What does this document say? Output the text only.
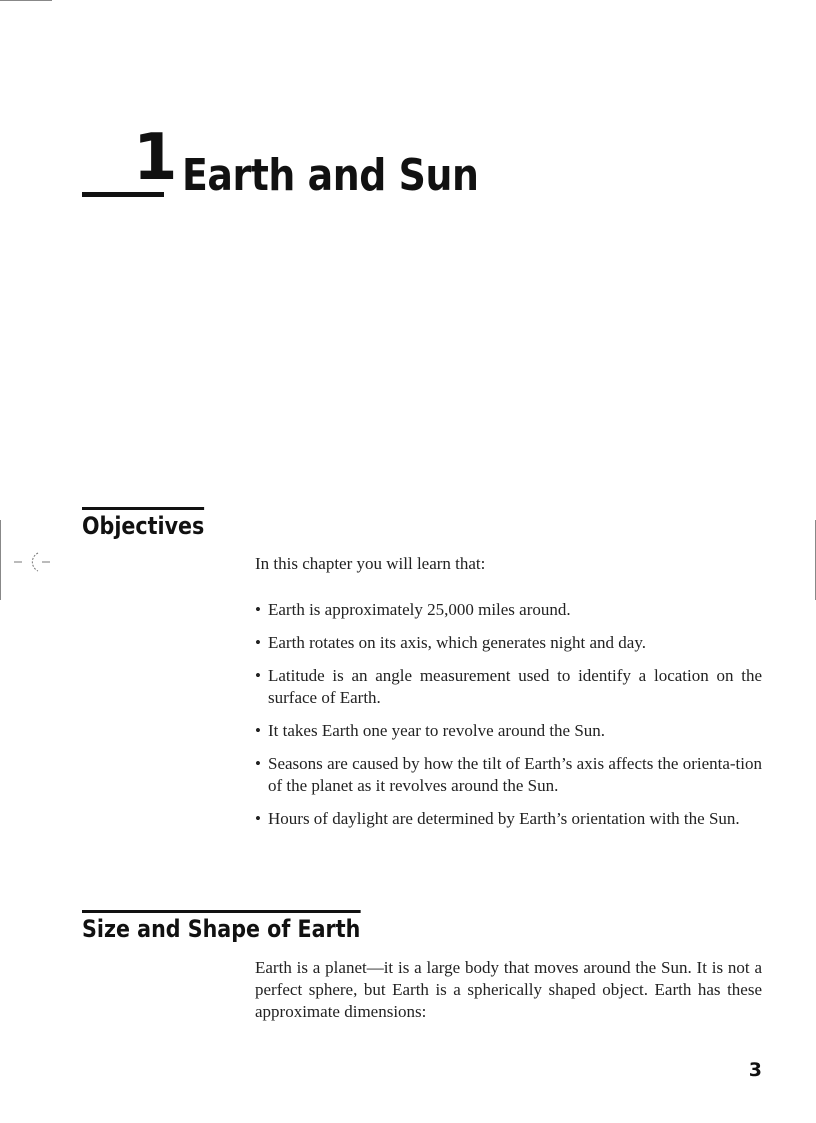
1 Earth and Sun
Objectives
In this chapter you will learn that:
• Earth is approximately 25,000 miles around.
• Earth rotates on its axis, which generates night and day.
• Latitude is an angle measurement used to identify a location on the surface of Earth.
• It takes Earth one year to revolve around the Sun.
• Seasons are caused by how the tilt of Earth’s axis affects the orienta-tion of the planet as it revolves around the Sun.
• Hours of daylight are determined by Earth’s orientation with the Sun.
Size and Shape of Earth
Earth is a planet—it is a large body that moves around the Sun. It is not a perfect sphere, but Earth is a spherically shaped object. Earth has these approximate dimensions:
3
